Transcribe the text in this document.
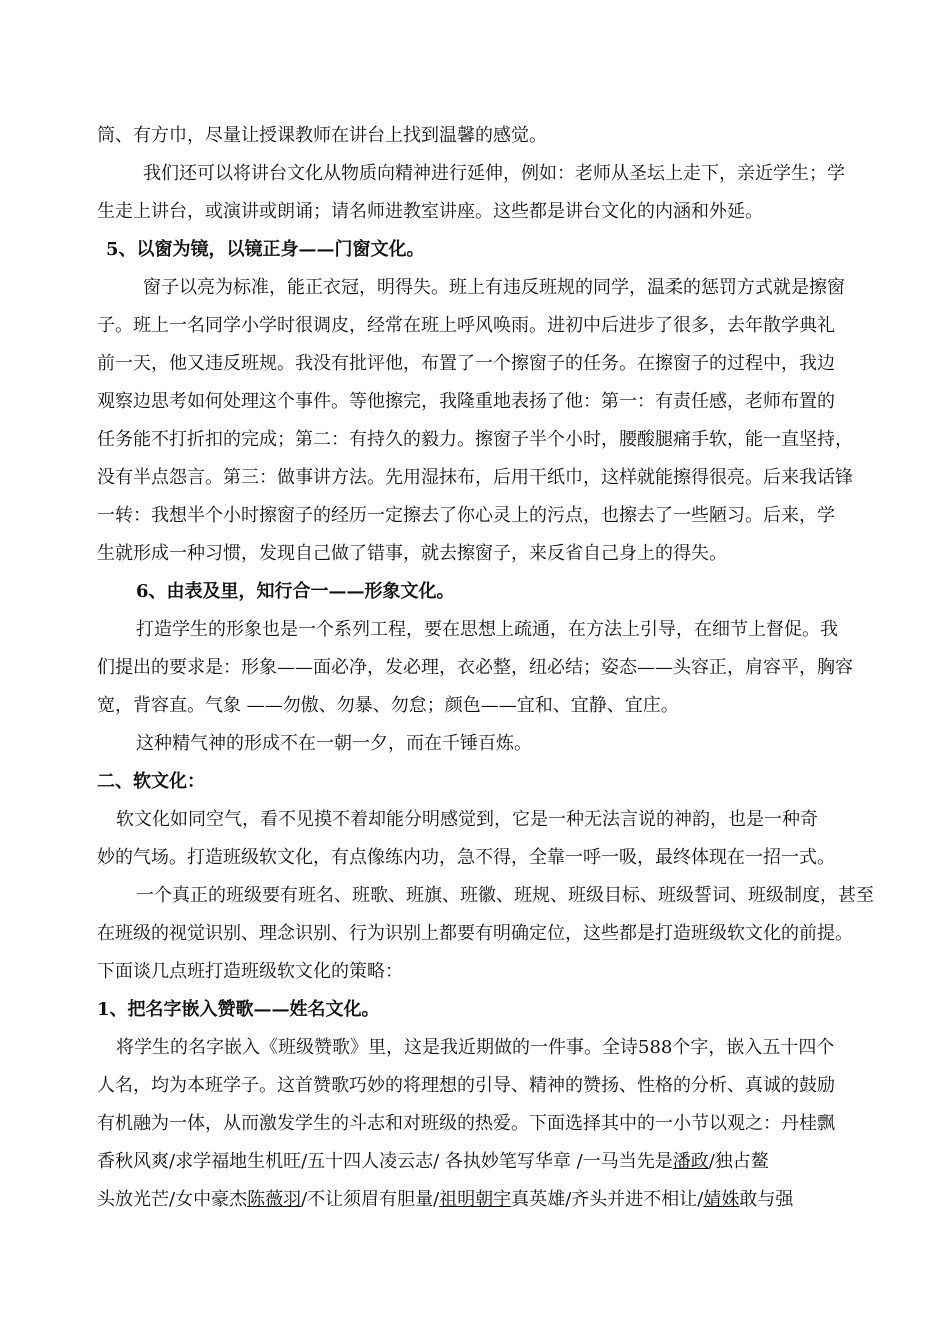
筒、有方巾，尽量让授课教师在讲台上找到温馨的感觉。
我们还可以将讲台文化从物质向精神进行延伸，例如：老师从圣坛上走下，亲近学生；学
生走上讲台，或演讲或朗诵；请名师进教室讲座。这些都是讲台文化的内涵和外延。
5、以窗为镜，以镜正身——门窗文化。
窗子以亮为标准，能正衣冠，明得失。班上有违反班规的同学，温柔的惩罚方式就是擦窗
子。班上一名同学小学时很调皮，经常在班上呼风唤雨。进初中后进步了很多，去年散学典礼
前一天，他又违反班规。我没有批评他，布置了一个擦窗子的任务。在擦窗子的过程中，我边
观察边思考如何处理这个事件。等他擦完，我隆重地表扬了他：第一：有责任感，老师布置的
任务能不打折扣的完成；第二：有持久的毅力。擦窗子半个小时，腰酸腿痛手软，能一直坚持，
没有半点怨言。第三：做事讲方法。先用湿抹布，后用干纸巾，这样就能擦得很亮。后来我话锋
一转：我想半个小时擦窗子的经历一定擦去了你心灵上的污点，也擦去了一些陋习。后来，学
生就形成一种习惯，发现自己做了错事，就去擦窗子，来反省自己身上的得失。
6、由表及里，知行合一——形象文化。
打造学生的形象也是一个系列工程，要在思想上疏通，在方法上引导，在细节上督促。我
们提出的要求是：形象——面必净，发必理，衣必整，纽必结；姿态——头容正，肩容平，胸容
宽，背容直。气象 ——勿傲、勿暴、勿怠；颜色——宜和、宜静、宜庄。
这种精气神的形成不在一朝一夕，而在千锤百炼。
二、软文化：
软文化如同空气，看不见摸不着却能分明感觉到，它是一种无法言说的神韵，也是一种奇
妙的气场。打造班级软文化，有点像练内功，急不得，全靠一呼一吸，最终体现在一招一式。
一个真正的班级要有班名、班歌、班旗、班徽、班规、班级目标、班级誓词、班级制度，甚至
在班级的视觉识别、理念识别、行为识别上都要有明确定位，这些都是打造班级软文化的前提。
下面谈几点班打造班级软文化的策略：
1、把名字嵌入赞歌——姓名文化。
将学生的名字嵌入《班级赞歌》里，这是我近期做的一件事。全诗588个字，嵌入五十四个
人名，均为本班学子。这首赞歌巧妙的将理想的引导、精神的赞扬、性格的分析、真诚的鼓励
有机融为一体，从而激发学生的斗志和对班级的热爱。下面选择其中的一小节以观之：丹桂飘
香秋风爽/求学福地生机旺/五十四人凌云志/ 各执妙笔写华章 /一马当先是潘政/独占鳌
头放光芒/女中豪杰陈薇羽/不让须眉有胆量/祖明朝宇真英雄/齐头并进不相让/婧姝敢与强
